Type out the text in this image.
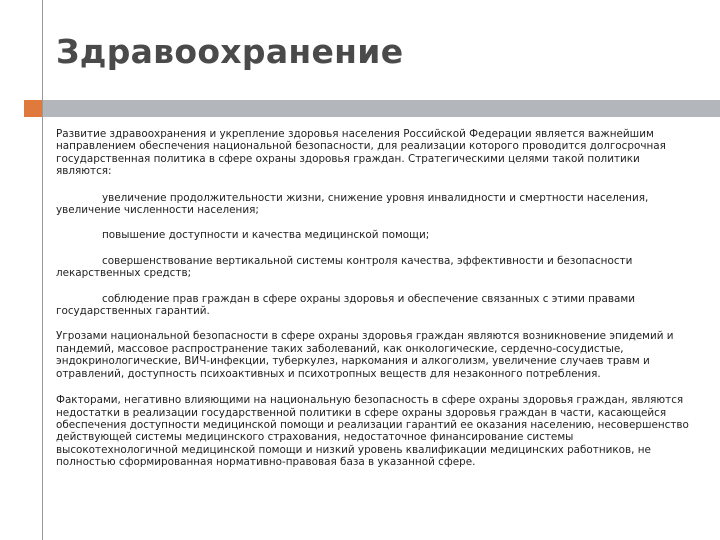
Здравоохранение

Развитие здравоохранения и укрепление здоровья населения Российской Федерации является важнейшим направлением обеспечения национальной безопасности, для реализации которого проводится долгосрочная государственная политика в сфере охраны здоровья граждан. Стратегическими целями такой политики являются:

увеличение продолжительности жизни, снижение уровня инвалидности и смертности населения, увеличение численности населения;

повышение доступности и качества медицинской помощи;

совершенствование вертикальной системы контроля качества, эффективности и безопасности лекарственных средств;

соблюдение прав граждан в сфере охраны здоровья и обеспечение связанных с этими правами государственных гарантий.

Угрозами национальной безопасности в сфере охраны здоровья граждан являются возникновение эпидемий и пандемий, массовое распространение таких заболеваний, как онкологические, сердечно-сосудистые, эндокринологические, ВИЧ-инфекции, туберкулез, наркомания и алкоголизм, увеличение случаев травм и отравлений, доступность психоактивных и психотропных веществ для незаконного потребления.

Факторами, негативно влияющими на национальную безопасность в сфере охраны здоровья граждан, являются недостатки в реализации государственной политики в сфере охраны здоровья граждан в части, касающейся обеспечения доступности медицинской помощи и реализации гарантий ее оказания населению, несовершенство действующей системы медицинского страхования, недостаточное финансирование системы высокотехнологичной медицинской помощи и низкий уровень квалификации медицинских работников, не полностью сформированная нормативно-правовая база в указанной сфере.
